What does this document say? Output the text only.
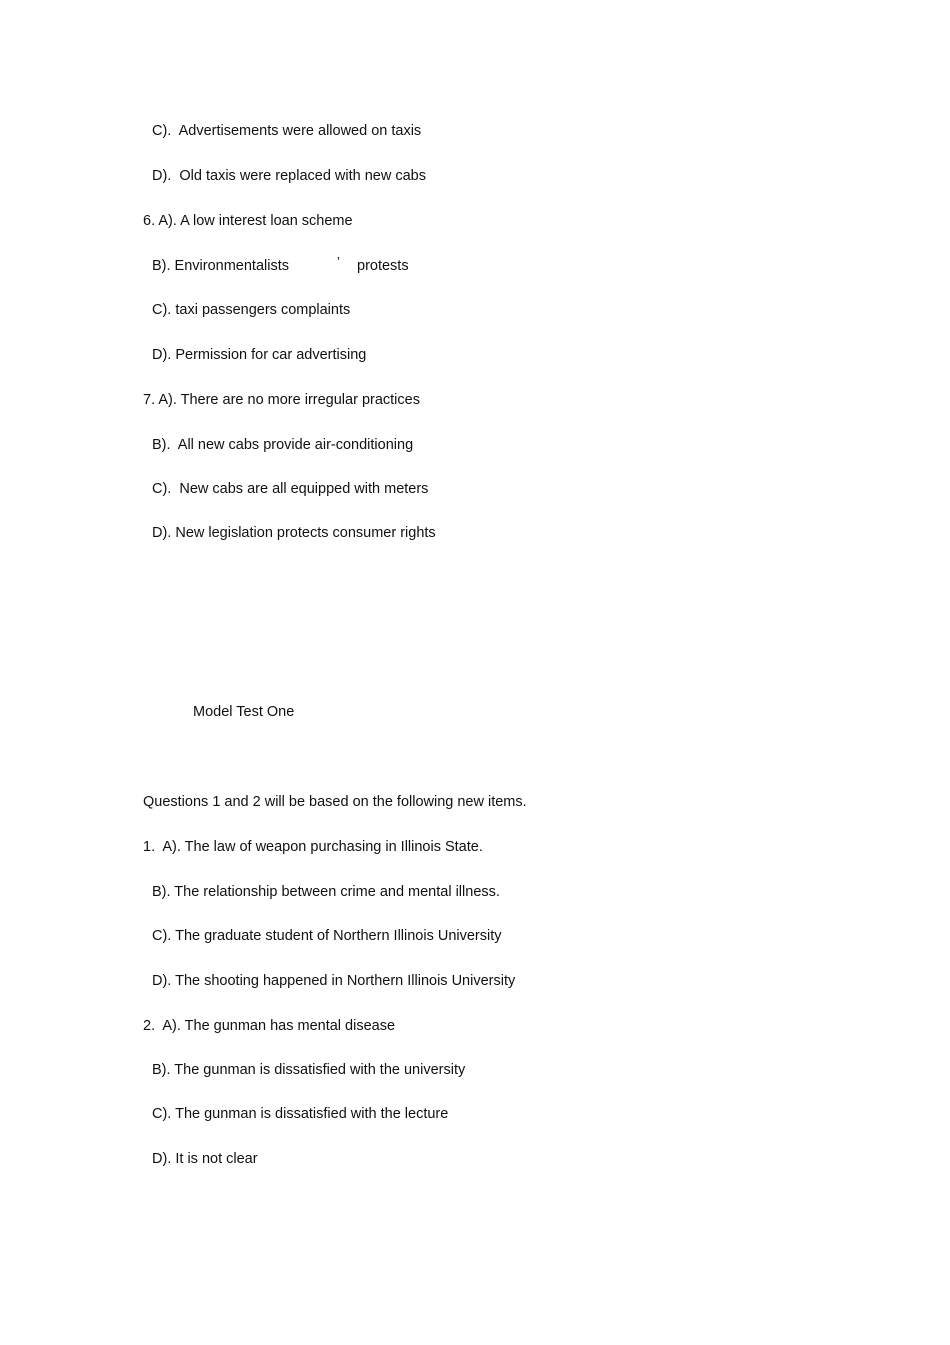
C).  Advertisements were allowed on taxis
D).  Old taxis were replaced with new cabs
6. A). A low interest loan scheme
B). Environmentalists	’ protests
C). taxi passengers complaints
D). Permission for car advertising
7. A). There are no more irregular practices
B).  All new cabs provide air-conditioning
C).  New cabs are all equipped with meters
D). New legislation protects consumer rights
Model Test One
Questions 1 and 2 will be based on the following new items.
1.  A). The law of weapon purchasing in Illinois State.
B). The relationship between crime and mental illness.
C). The graduate student of Northern Illinois University
D). The shooting happened in Northern Illinois University
2.  A). The gunman has mental disease
B). The gunman is dissatisfied with the university
C). The gunman is dissatisfied with the lecture
D). It is not clear
